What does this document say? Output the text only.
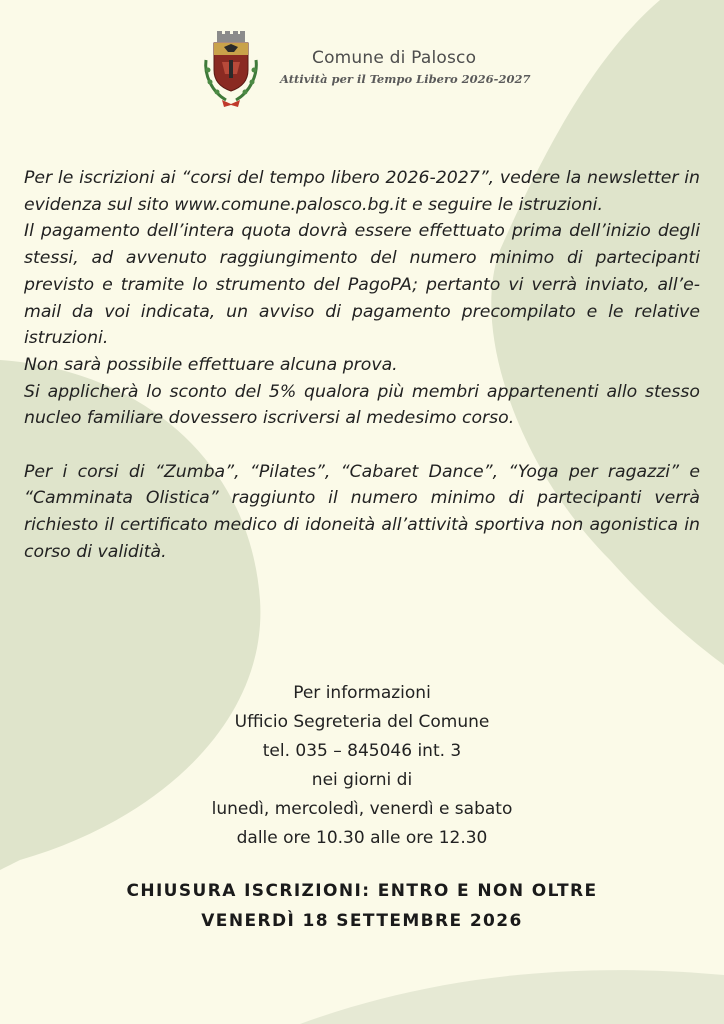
Comune di Palosco
Attività per il Tempo Libero 2026-2027

Per le iscrizioni ai “corsi del tempo libero 2026-2027”, vedere la newsletter in evidenza sul sito www.comune.palosco.bg.it e seguire le istruzioni.

Il pagamento dell’intera quota dovrà essere effettuato prima dell’inizio degli stessi, ad avvenuto raggiungimento del numero minimo di partecipanti previsto e tramite lo strumento del PagoPA; pertanto vi verrà inviato, all’e-mail da voi indicata, un avviso di pagamento precompilato e le relative istruzioni.

Non sarà possibile effettuare alcuna prova.

Si applicherà lo sconto del 5% qualora più membri appartenenti allo stesso nucleo familiare dovessero iscriversi al medesimo corso.

Per i corsi di “Zumba”, “Pilates”, “Cabaret Dance”, “Yoga per ragazzi” e “Camminata Olistica” raggiunto il numero minimo di partecipanti verrà richiesto il certificato medico di idoneità all’attività sportiva non agonistica in corso di validità.

Per informazioni
Ufficio Segreteria del Comune
tel. 035 – 845046 int. 3
nei giorni di
lunedì, mercoledì, venerdì e sabato
dalle ore 10.30 alle ore 12.30
CHIUSURA ISCRIZIONI: ENTRO E NON OLTRE
VENERDÌ 18 SETTEMBRE 2026
